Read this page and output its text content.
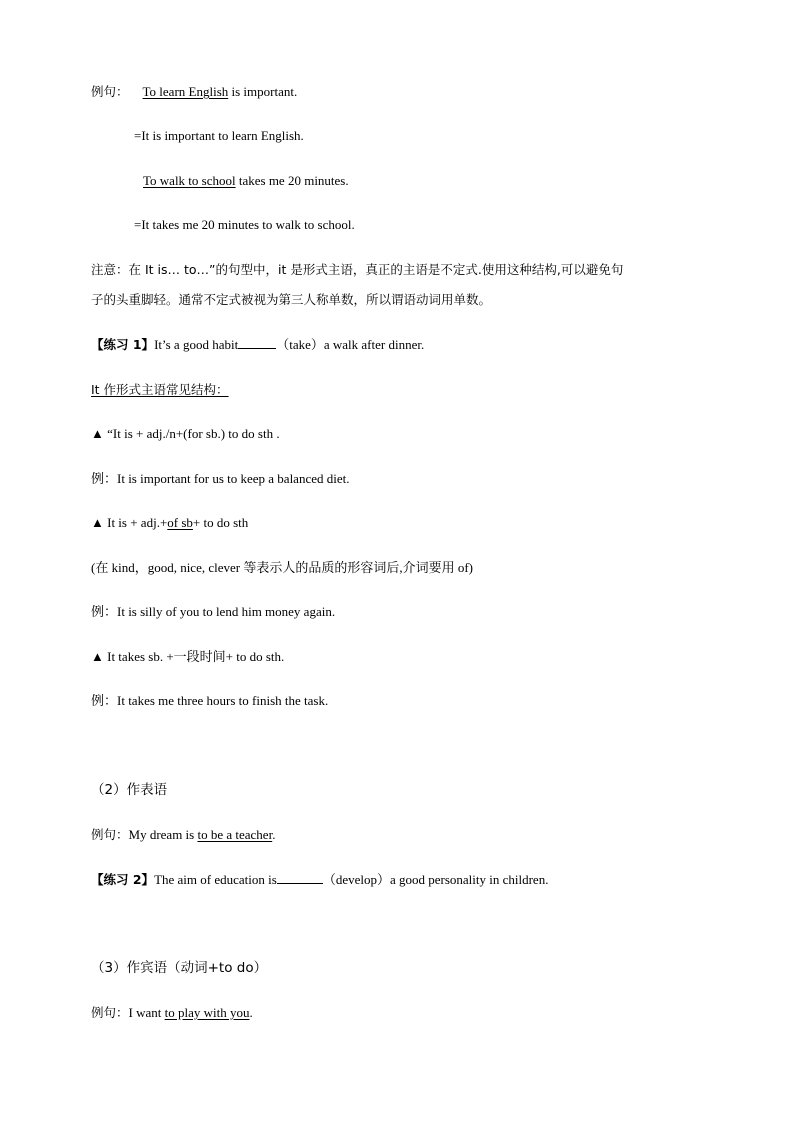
例句： To learn English is important.
=It is important to learn English.
To walk to school takes me 20 minutes.
=It takes me 20 minutes to walk to school.
注意：在 It is… to…”的句型中，it 是形式主语，真正的主语是不定式.使用这种结构,可以避免句
子的头重脚轻。通常不定式被视为第三人称单数，所以谓语动词用单数。
【练习 1】It’s a good habit	（take）a walk after dinner.
It 作形式主语常见结构：
▲ “It is + adj./n+(for sb.) to do sth .
例：It is important for us to keep a balanced diet.
▲ It is + adj.+of sb+ to do sth
(在 kind，good, nice, clever 等表示人的品质的形容词后,介词要用 of)
例：It is silly of you to lend him money again.
▲ It takes sb. +一段时间+ to do sth.
例：It takes me three hours to finish the task.
（2）作表语
例句：My dream is to be a teacher.
【练习 2】The aim of education is	（develop）a good personality in children.
（3）作宾语（动词+to do）
例句：I want to play with you.
